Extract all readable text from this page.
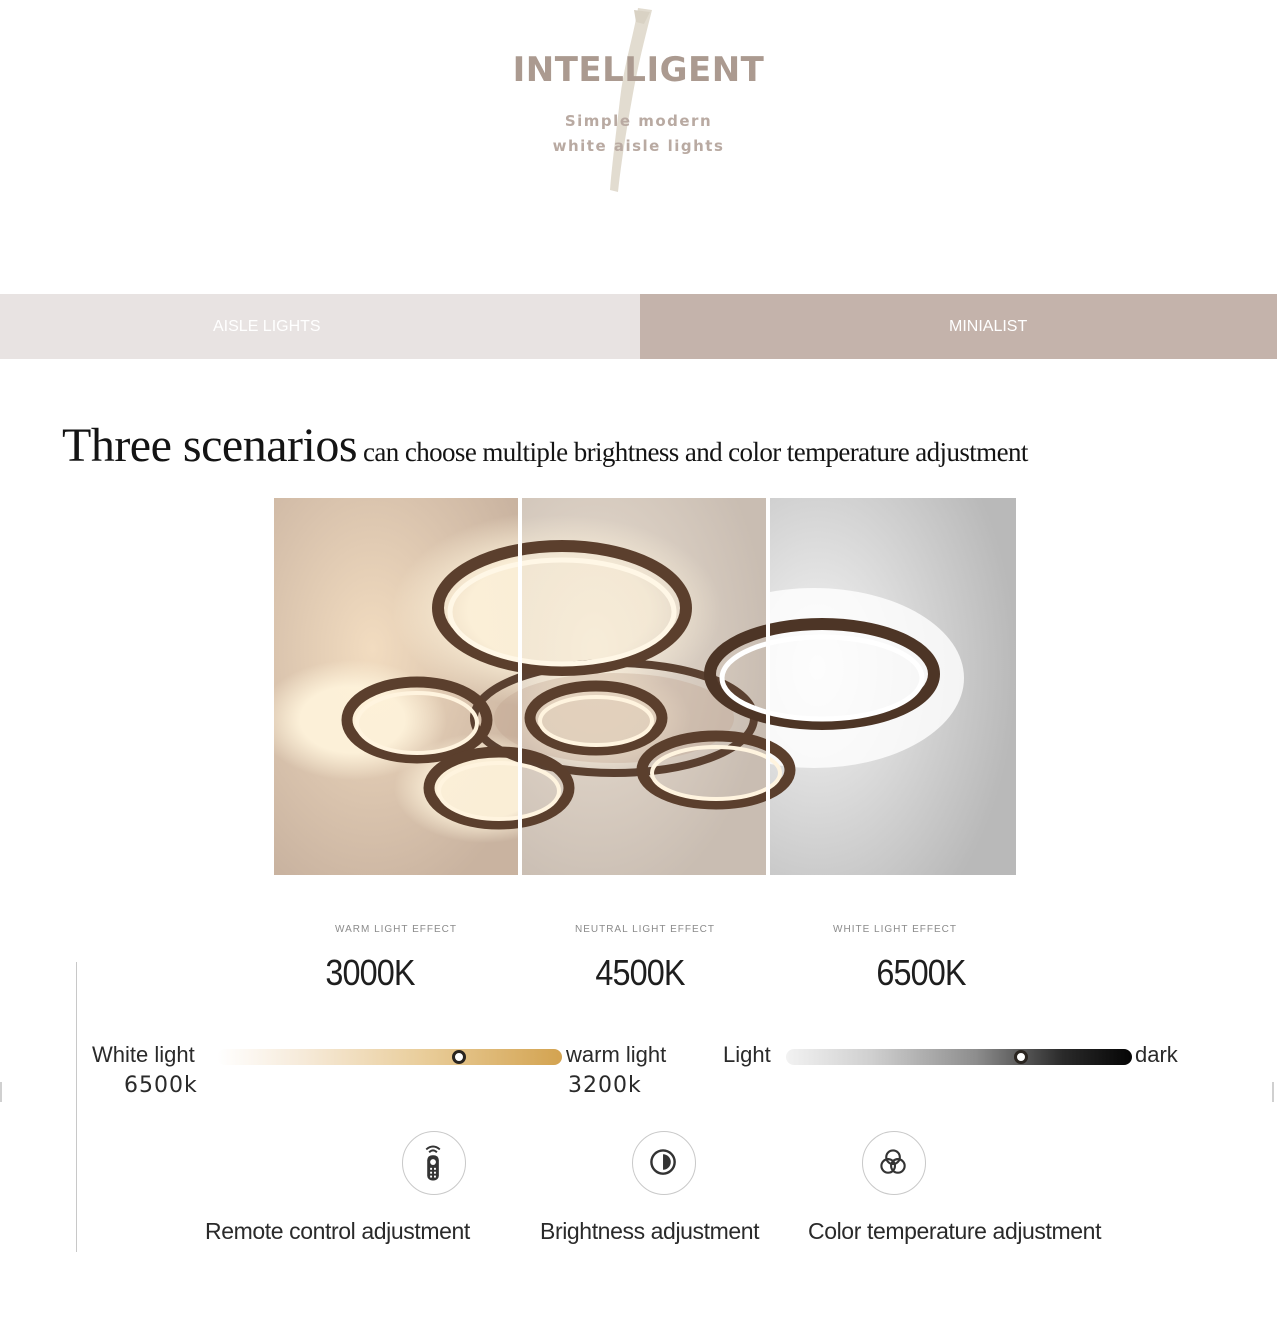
INTELLIGENT
Simple modern
white aisle lights
AISLE LIGHTS	MINIALIST
Three scenarios can choose multiple brightness and color temperature adjustment
WARM LIGHT EFFECT	NEUTRAL LIGHT EFFECT	WHITE LIGHT EFFECT
3000K	4500K	6500K
White light
6500k
warm light
3200k
Light	dark
Remote control adjustment	Brightness adjustment Color temperature adjustment
